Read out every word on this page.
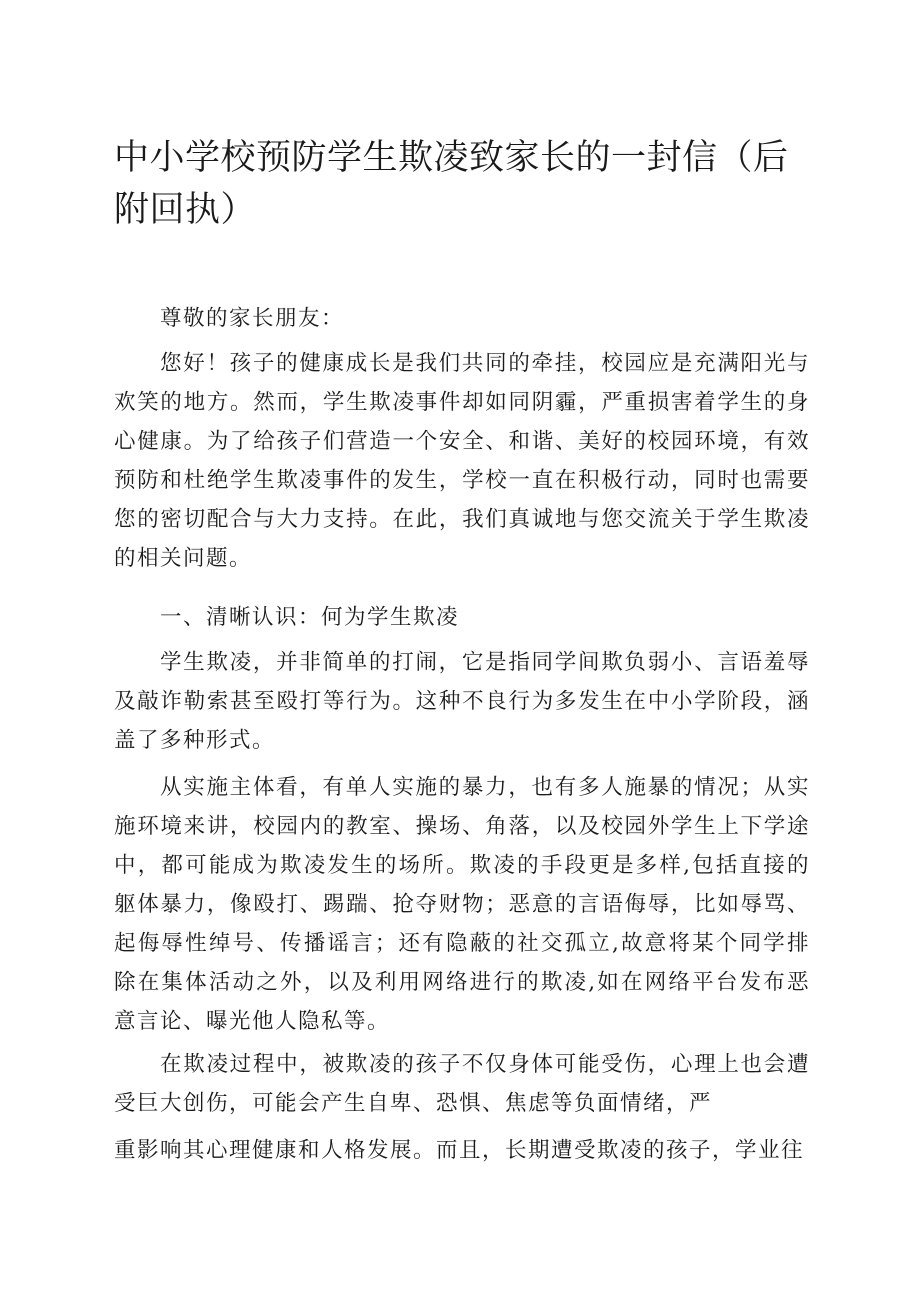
中小学校预防学生欺凌致家长的一封信（后附回执）

尊敬的家长朋友：

您好！孩子的健康成长是我们共同的牵挂，校园应是充满阳光与欢笑的地方。然而，学生欺凌事件却如同阴霾，严重损害着学生的身心健康。为了给孩子们营造一个安全、和谐、美好的校园环境，有效预防和杜绝学生欺凌事件的发生，学校一直在积极行动，同时也需要您的密切配合与大力支持。在此，我们真诚地与您交流关于学生欺凌的相关问题。

一、清晰认识：何为学生欺凌

学生欺凌，并非简单的打闹，它是指同学间欺负弱小、言语羞辱及敲诈勒索甚至殴打等行为。这种不良行为多发生在中小学阶段，涵盖了多种形式。

从实施主体看，有单人实施的暴力，也有多人施暴的情况；从实施环境来讲，校园内的教室、操场、角落，以及校园外学生上下学途中，都可能成为欺凌发生的场所。欺凌的手段更是多样,包括直接的躯体暴力，像殴打、踢踹、抢夺财物；恶意的言语侮辱，比如辱骂、起侮辱性绰号、传播谣言；还有隐蔽的社交孤立,故意将某个同学排除在集体活动之外，以及利用网络进行的欺凌,如在网络平台发布恶意言论、曝光他人隐私等。

在欺凌过程中，被欺凌的孩子不仅身体可能受伤，心理上也会遭受巨大创伤，可能会产生自卑、恐惧、焦虑等负面情绪，严

重影响其心理健康和人格发展。而且，长期遭受欺凌的孩子，学业往
